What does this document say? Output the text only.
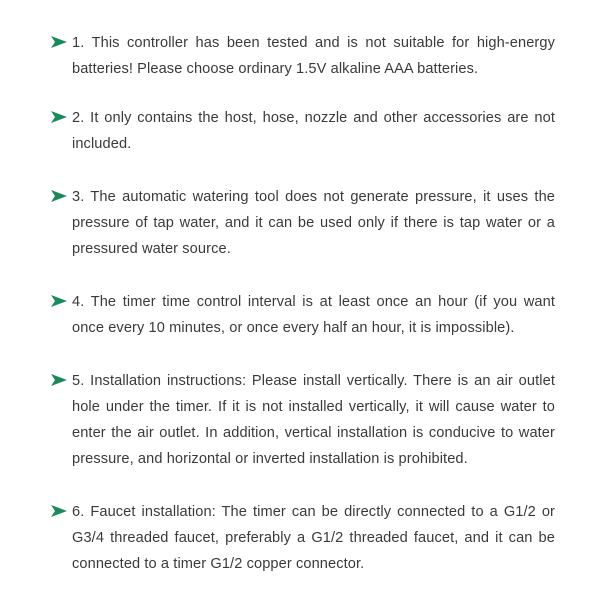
1. This controller has been tested and is not suitable for high-energy batteries! Please choose ordinary 1.5V alkaline AAA batteries.
2. It only contains the host, hose, nozzle and other accessories are not included.
3. The automatic watering tool does not generate pressure, it uses the pressure of tap water, and it can be used only if there is tap water or a pressured water source.
4. The timer time control interval is at least once an hour (if you want once every 10 minutes, or once every half an hour, it is impossible).
5. Installation instructions: Please install vertically. There is an air outlet hole under the timer. If it is not installed vertically, it will cause water to enter the air outlet. In addition, vertical installation is conducive to water pressure, and horizontal or inverted installation is prohibited.
6. Faucet installation: The timer can be directly connected to a G1/2 or G3/4 threaded faucet, preferably a G1/2 threaded faucet, and it can be connected to a timer G1/2 copper connector.
